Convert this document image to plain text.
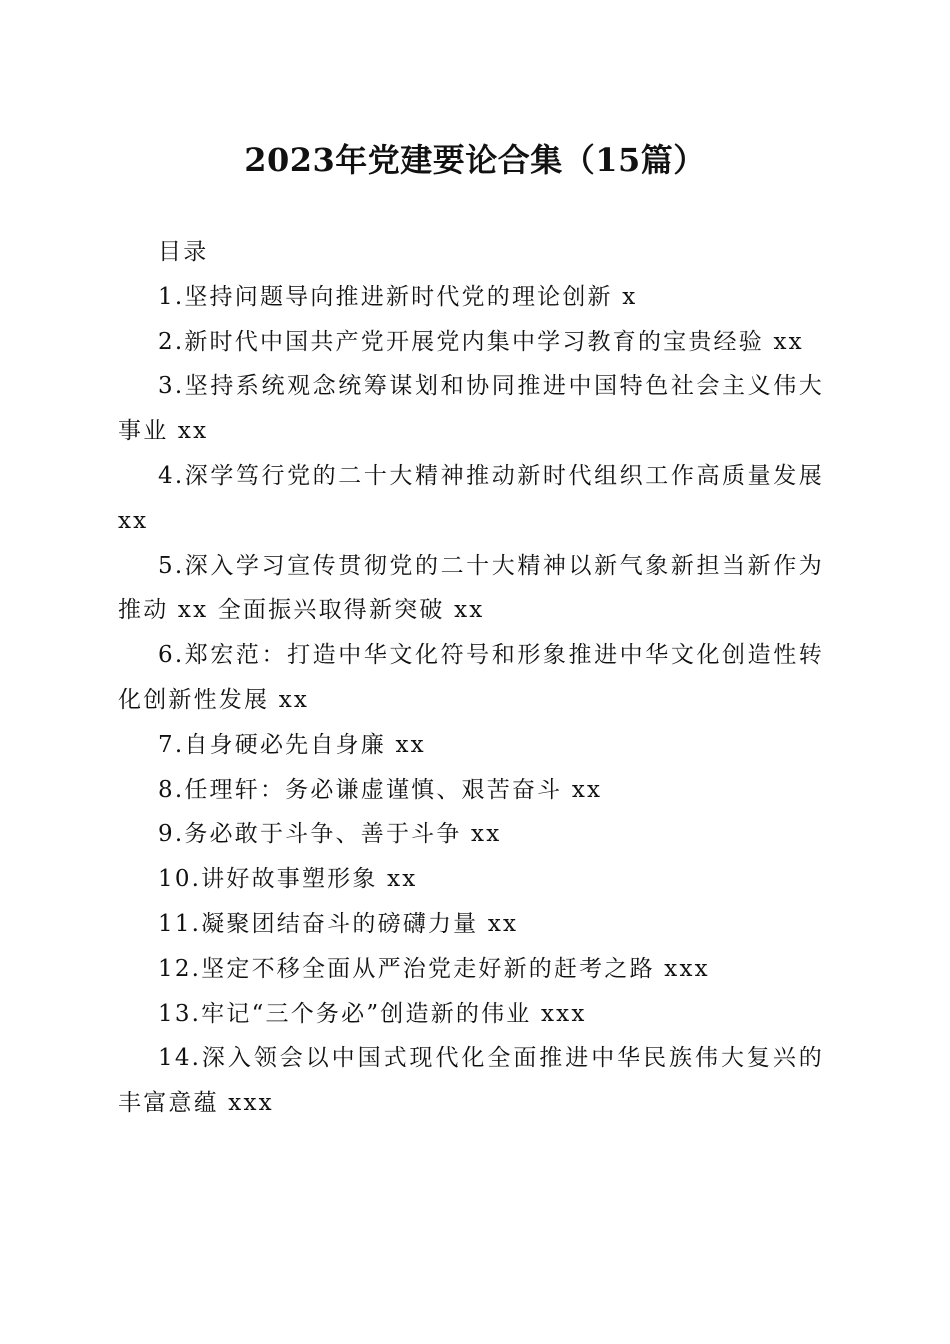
2023年党建要论合集（15篇）

目录

1.坚持问题导向推进新时代党的理论创新 x
2.新时代中国共产党开展党内集中学习教育的宝贵经验 xx
3.坚持系统观念统筹谋划和协同推进中国特色社会主义伟大事业 xx
4.深学笃行党的二十大精神推动新时代组织工作高质量发展 xx
5.深入学习宣传贯彻党的二十大精神以新气象新担当新作为推动 xx 全面振兴取得新突破 xx
6.郑宏范：打造中华文化符号和形象推进中华文化创造性转化创新性发展 xx
7.自身硬必先自身廉 xx
8.任理轩：务必谦虚谨慎、艰苦奋斗 xx
9.务必敢于斗争、善于斗争 xx
10.讲好故事塑形象 xx
11.凝聚团结奋斗的磅礴力量 xx
12.坚定不移全面从严治党走好新的赶考之路 xxx
13.牢记“三个务必”创造新的伟业 xxx
14.深入领会以中国式现代化全面推进中华民族伟大复兴的丰富意蕴 xxx
